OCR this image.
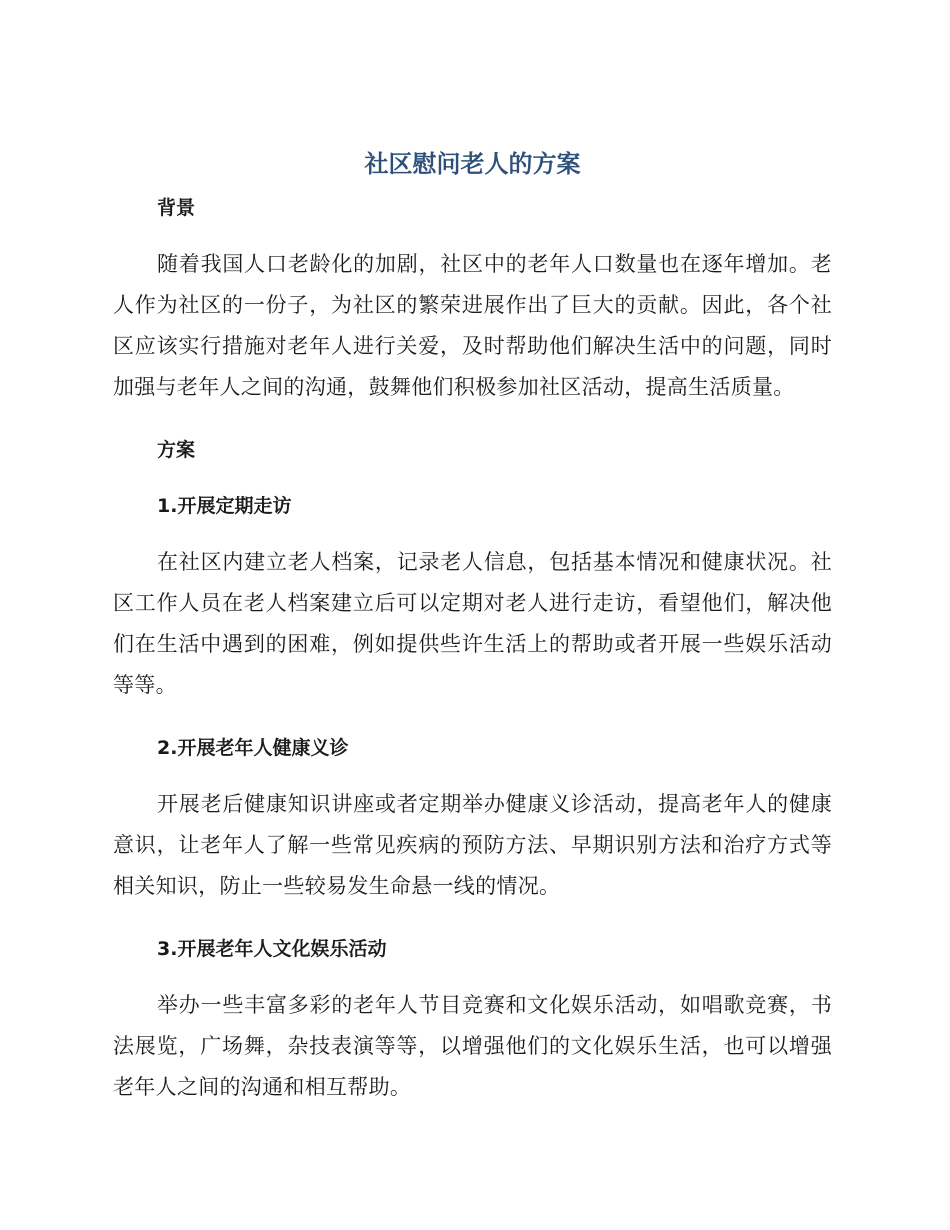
社区慰问老人的方案
背景

随着我国人口老龄化的加剧，社区中的老年人口数量也在逐年增加。老人作为社区的一份子，为社区的繁荣进展作出了巨大的贡献。因此，各个社区应该实行措施对老年人进行关爱，及时帮助他们解决生活中的问题，同时加强与老年人之间的沟通，鼓舞他们积极参加社区活动，提高生活质量。

方案
1.开展定期走访

在社区内建立老人档案，记录老人信息，包括基本情况和健康状况。社区工作人员在老人档案建立后可以定期对老人进行走访，看望他们，解决他们在生活中遇到的困难，例如提供些许生活上的帮助或者开展一些娱乐活动等等。

2.开展老年人健康义诊

开展老后健康知识讲座或者定期举办健康义诊活动，提高老年人的健康意识，让老年人了解一些常见疾病的预防方法、早期识别方法和治疗方式等相关知识，防止一些较易发生命悬一线的情况。

3.开展老年人文化娱乐活动

举办一些丰富多彩的老年人节目竞赛和文化娱乐活动，如唱歌竞赛，书法展览，广场舞，杂技表演等等，以增强他们的文化娱乐生活，也可以增强老年人之间的沟通和相互帮助。
